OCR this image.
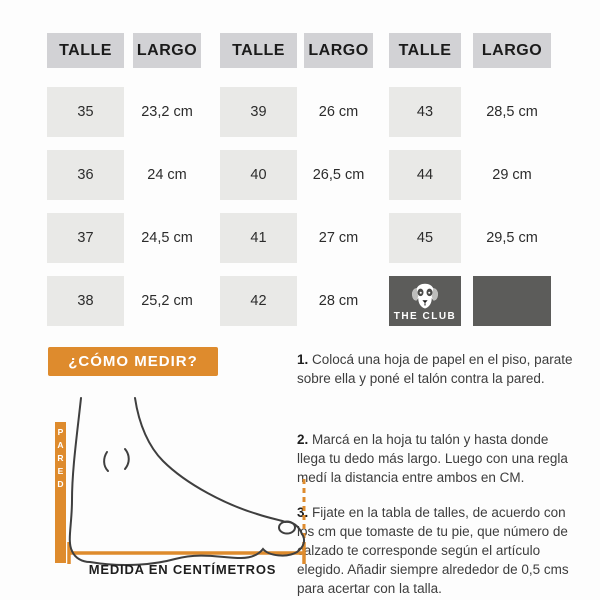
TALLE
35
36
37
38
LARGO
23,2 cm
24 cm
24,5 cm
25,2 cm
TALLE
39
40
41
42
LARGO
26 cm
26,5 cm
27 cm
28 cm
TALLE
43
44
45
THE CLUB
LARGO
28,5 cm
29 cm
29,5 cm
¿CÓMO MEDIR?	1. Colocá una hoja de papel en el piso, parate sobre ella y poné el talón contra la pared.
2. Marcá en la hoja tu talón y hasta donde llega tu dedo más largo. Luego con una regla medí la distancia entre ambos en CM.
3. Fijate en la tabla de talles, de acuerdo con los cm que tomaste de tu pie, que número de calzado te corresponde según el artículo elegido. Añadir siempre alrededor de 0,5 cms para acertar con la talla.
PARED
MEDIDA EN CENTÍMETROS
